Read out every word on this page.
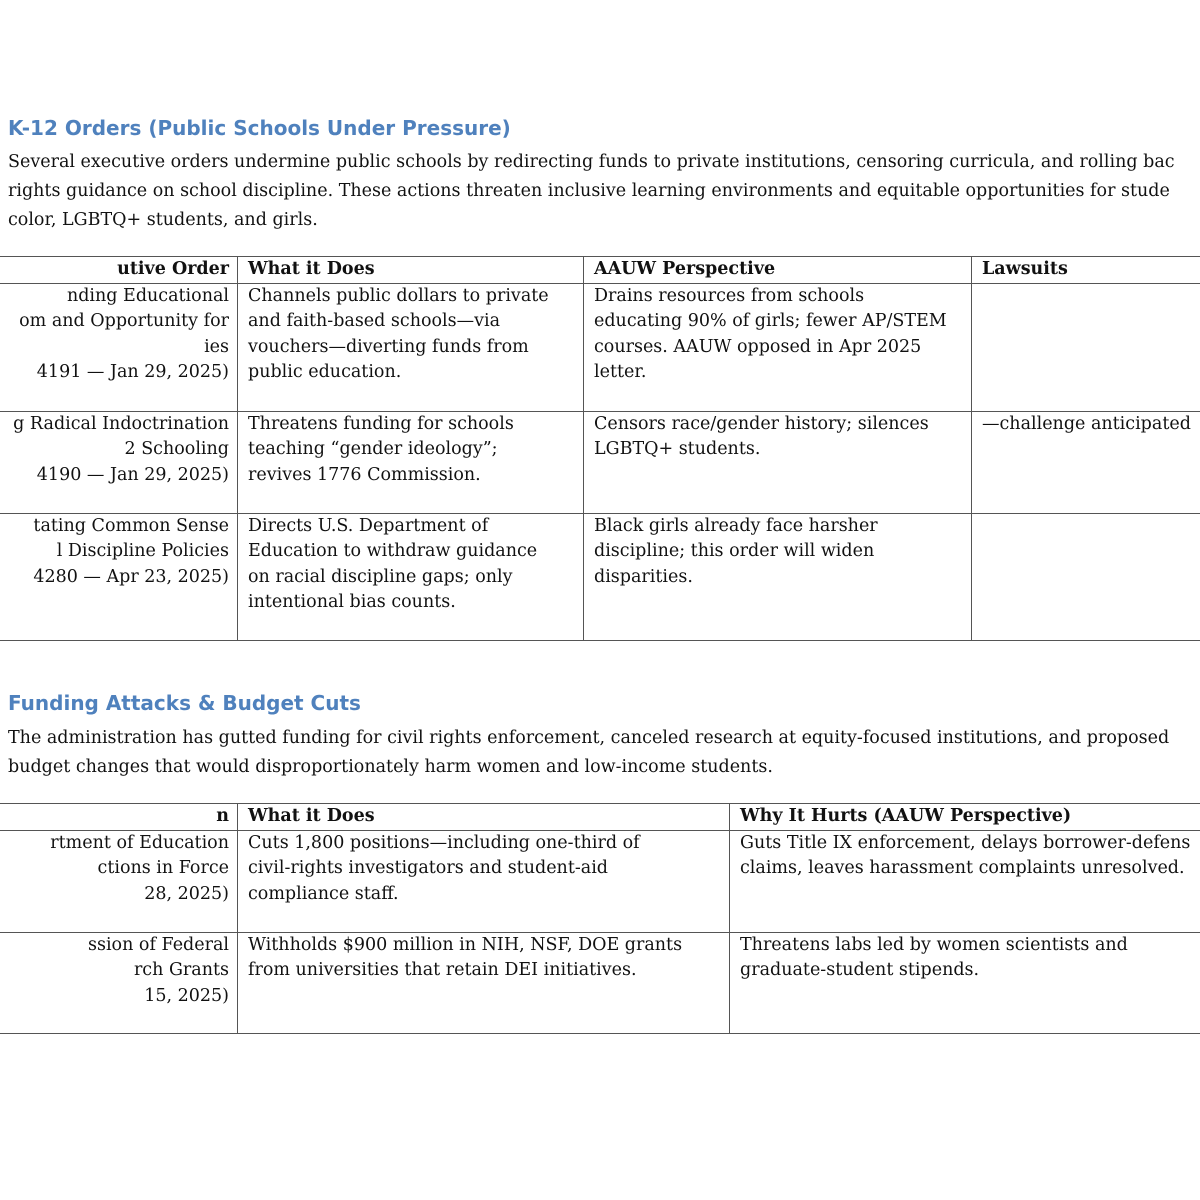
K-12 Orders (Public Schools Under Pressure)
Several executive orders undermine public schools by redirecting funds to private institutions, censoring curricula, and rolling bac
rights guidance on school discipline. These actions threaten inclusive learning environments and equitable opportunities for stude
color, LGBTQ+ students, and girls.
utive Order	What it Does	AAUW Perspective	Lawsuits

nding Educational
om and Opportunity for
ies
4191 — Jan 29, 2025)	Channels public dollars to private
and faith-based schools—via
vouchers—diverting funds from
public education.	Drains resources from schools
educating 90% of girls; fewer AP/STEM
courses. AAUW opposed in Apr 2025
letter.	

g Radical Indoctrination
2 Schooling
4190 — Jan 29, 2025)	Threatens funding for schools
teaching “gender ideology”;
revives 1776 Commission.	Censors race/gender history; silences
LGBTQ+ students.	—challenge anticipated

tating Common Sense
l Discipline Policies
4280 — Apr 23, 2025)	Directs U.S. Department of
Education to withdraw guidance
on racial discipline gaps; only
intentional bias counts.	Black girls already face harsher
discipline; this order will widen
disparities.	

Funding Attacks & Budget Cuts
The administration has gutted funding for civil rights enforcement, canceled research at equity-focused institutions, and proposed
budget changes that would disproportionately harm women and low-income students.
n	What it Does	Why It Hurts (AAUW Perspective)

rtment of Education
ctions in Force
28, 2025)	Cuts 1,800 positions—including one-third of
civil-rights investigators and student-aid
compliance staff.	Guts Title IX enforcement, delays borrower-defens
claims, leaves harassment complaints unresolved.

ssion of Federal
rch Grants
15, 2025)	Withholds $900 million in NIH, NSF, DOE grants
from universities that retain DEI initiatives.	Threatens labs led by women scientists and
graduate-student stipends.
